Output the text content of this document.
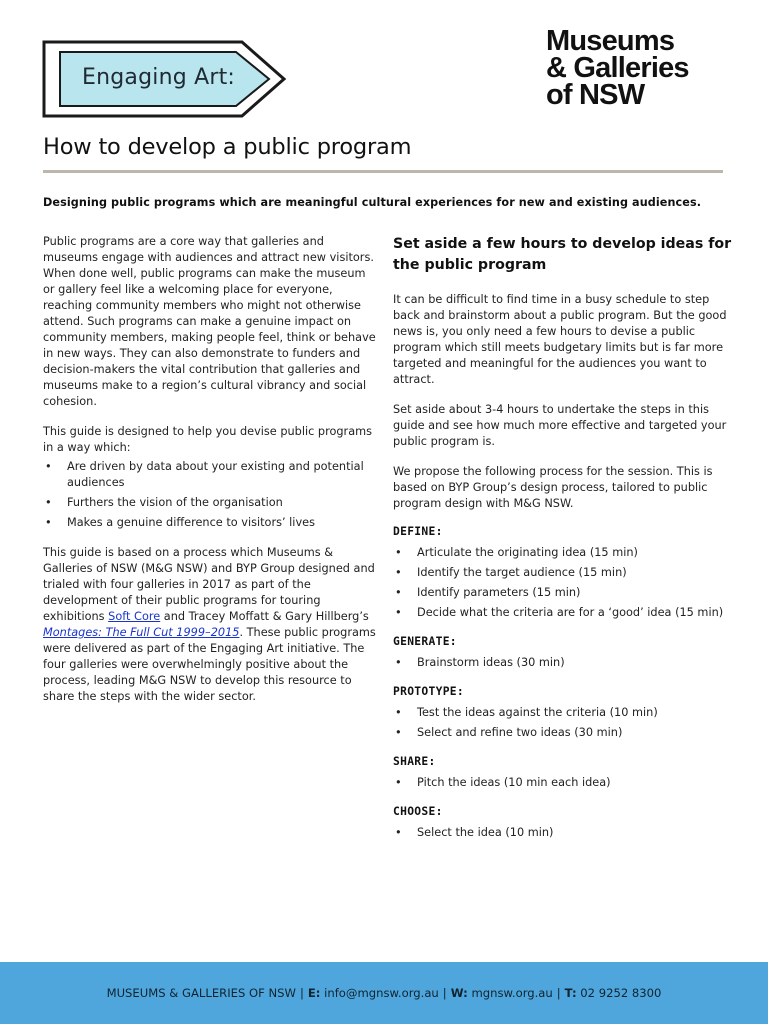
Engaging Art:
Museums
& Galleries
of NSW
How to develop a public program
Designing public programs which are meaningful cultural experiences for new and existing audiences.

Public programs are a core way that galleries and museums engage with audiences and attract new visitors. When done well, public programs can make the museum or gallery feel like a welcoming place for everyone, reaching community members who might not otherwise attend. Such programs can make a genuine impact on community members, making people feel, think or behave in new ways. They can also demonstrate to funders and decision-makers the vital contribution that galleries and museums make to a region’s cultural vibrancy and social cohesion.

This guide is designed to help you devise public programs in a way which:

• Are driven by data about your existing and potential audiences
• Furthers the vision of the organisation
• Makes a genuine difference to visitors’ lives

This guide is based on a process which Museums & Galleries of NSW (M&G NSW) and BYP Group designed and trialed with four galleries in 2017 as part of the development of their public programs for touring exhibitions Soft Core and Tracey Moffatt & Gary Hillberg’s Montages: The Full Cut 1999–2015. These public programs were delivered as part of the Engaging Art initiative. The four galleries were overwhelmingly positive about the process, leading M&G NSW to develop this resource to share the steps with the wider sector.

Set aside a few hours to develop ideas for the public program

It can be difficult to find time in a busy schedule to step back and brainstorm about a public program. But the good news is, you only need a few hours to devise a public program which still meets budgetary limits but is far more targeted and meaningful for the audiences you want to attract.

Set aside about 3-4 hours to undertake the steps in this guide and see how much more effective and targeted your public program is.

We propose the following process for the session. This is based on BYP Group’s design process, tailored to public program design with M&G NSW.

DEFINE:
• Articulate the originating idea (15 min)
• Identify the target audience (15 min)
• Identify parameters (15 min)
• Decide what the criteria are for a ‘good’ idea (15 min)
GENERATE:
• Brainstorm ideas (30 min)
PROTOTYPE:
• Test the ideas against the criteria (10 min)
• Select and refine two ideas (30 min)
SHARE:
• Pitch the ideas (10 min each idea)
CHOOSE:
• Select the idea (10 min)
MUSEUMS & GALLERIES OF NSW | E:
info@mgnsw.org.au | W:
mgnsw.org.au | T:
02 9252 8300
